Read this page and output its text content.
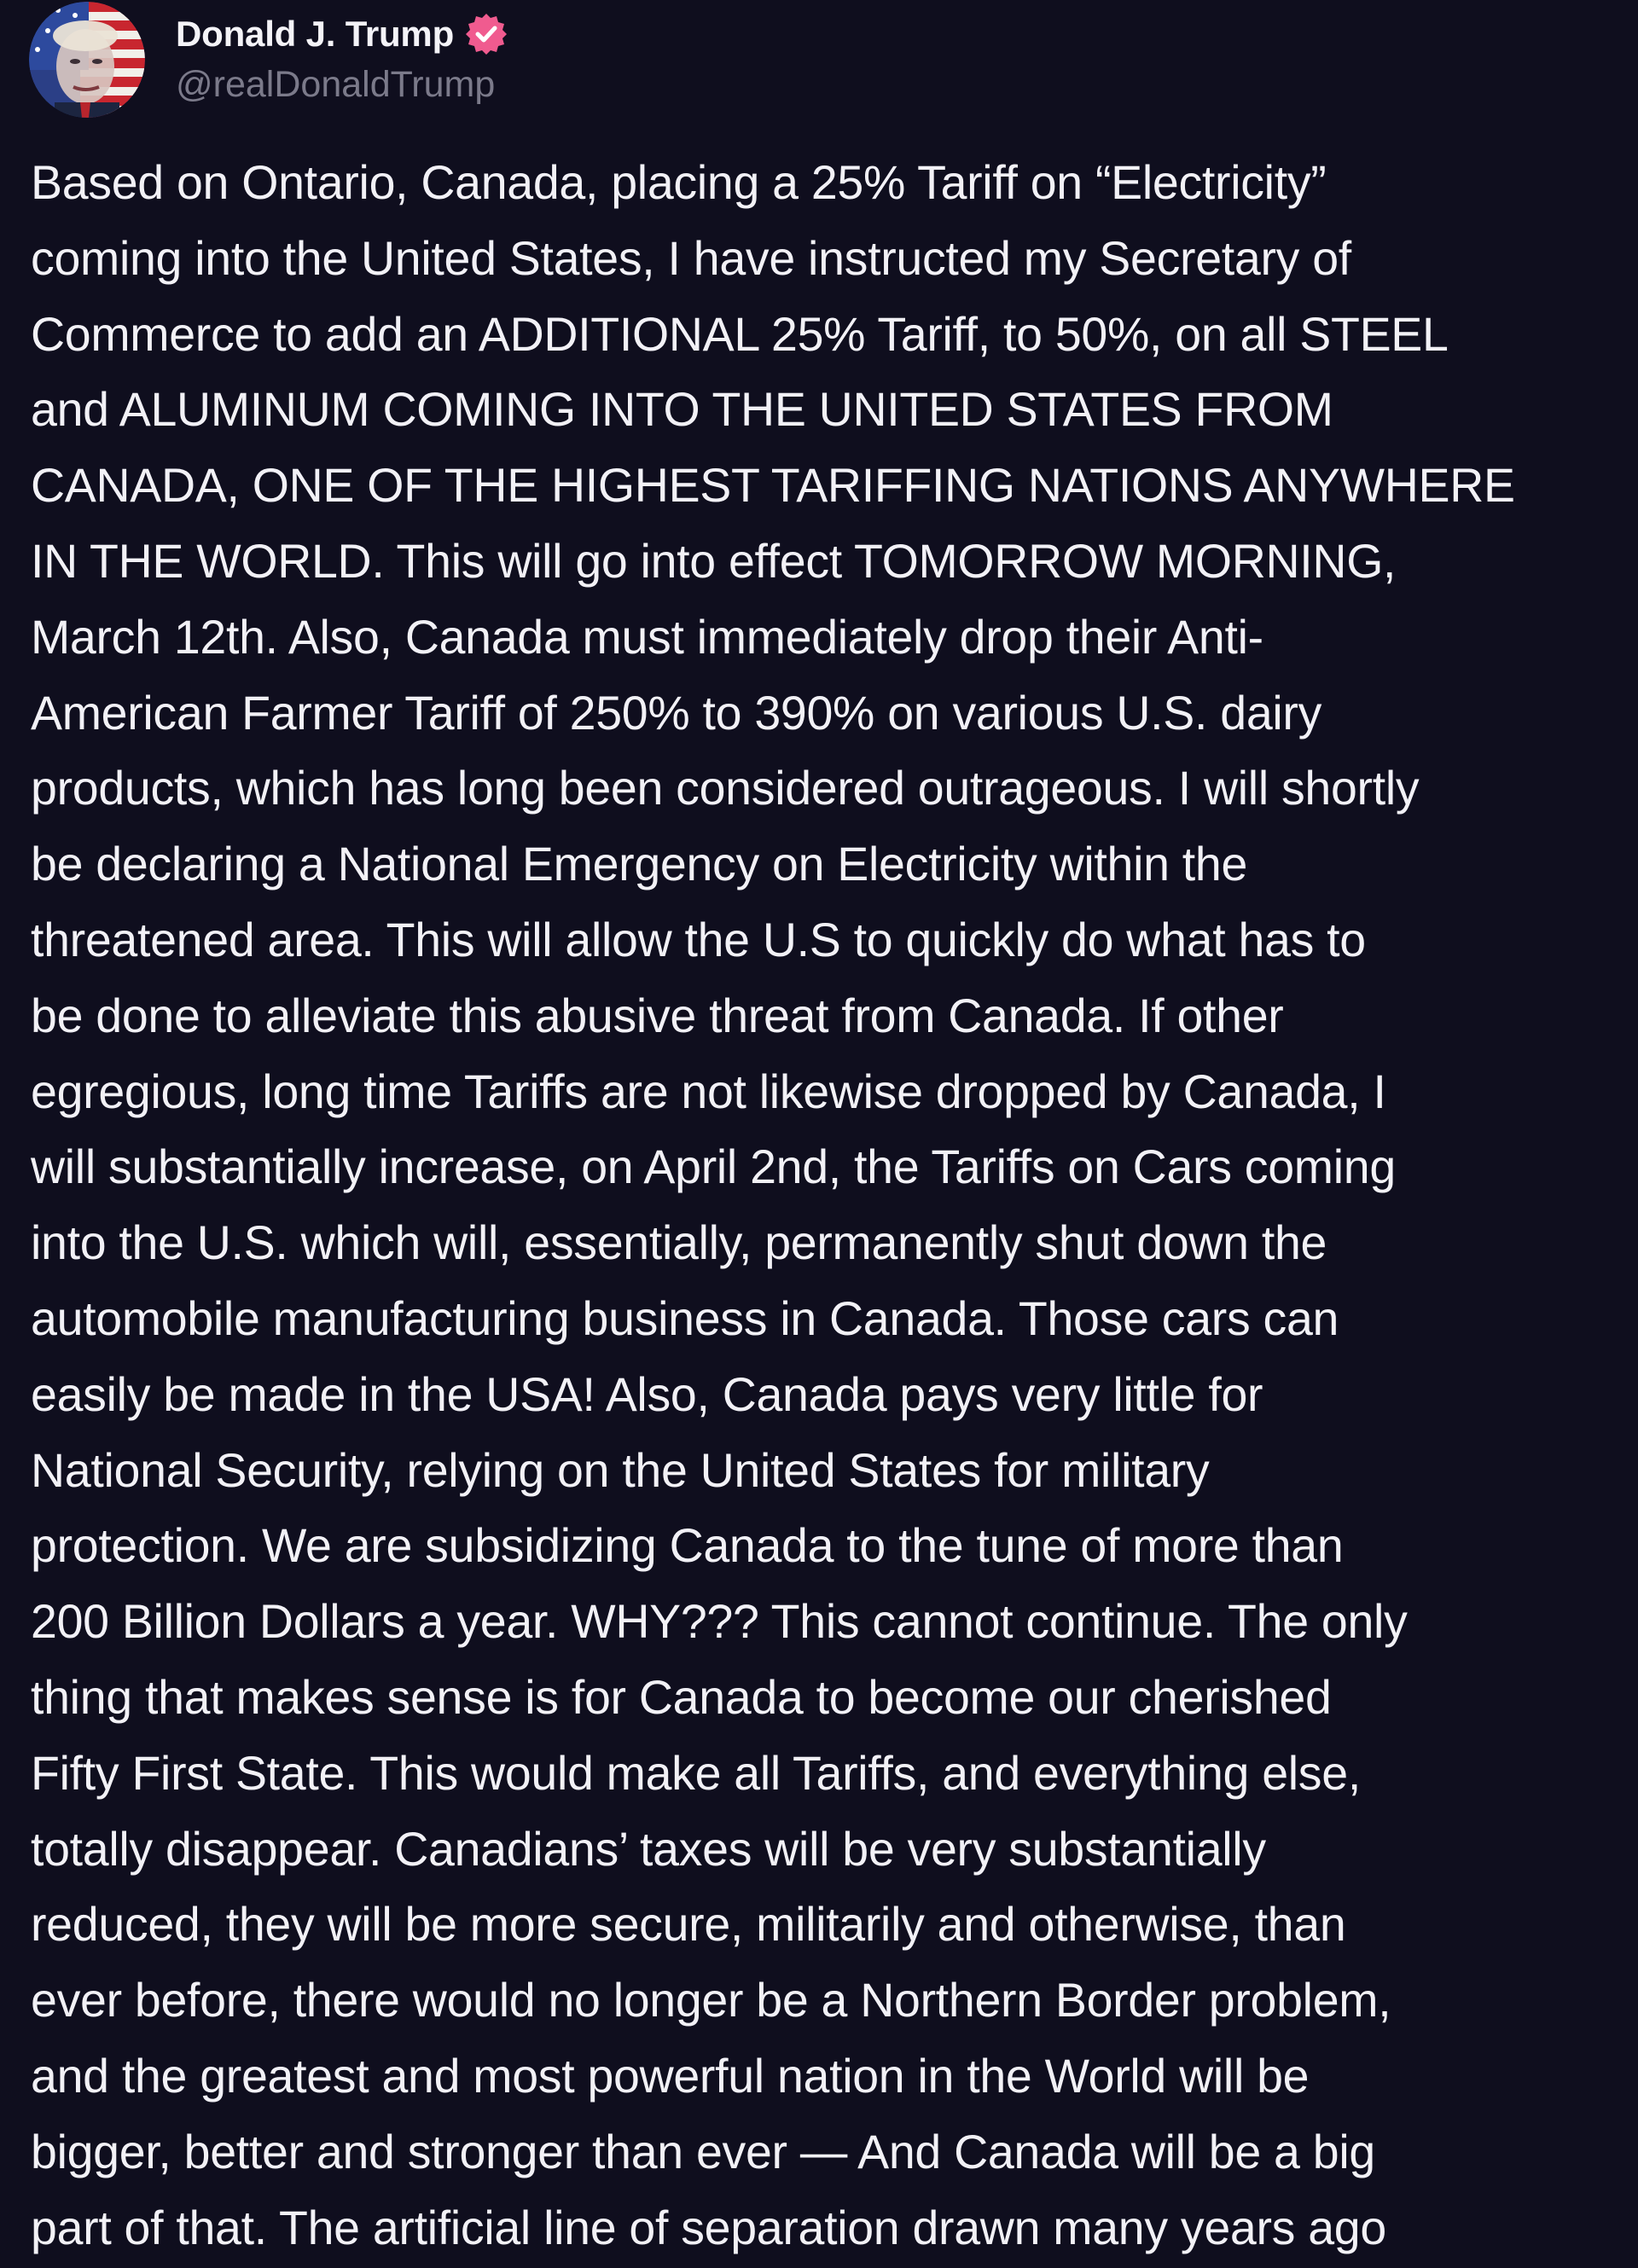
Donald J. Trump
@realDonaldTrump

Based on Ontario, Canada, placing a 25% Tariff on “Electricity”
coming into the United States, I have instructed my Secretary of
Commerce to add an ADDITIONAL 25% Tariff, to 50%, on all STEEL
and ALUMINUM COMING INTO THE UNITED STATES FROM
CANADA, ONE OF THE HIGHEST TARIFFING NATIONS ANYWHERE
IN THE WORLD. This will go into effect TOMORROW MORNING,
March 12th. Also, Canada must immediately drop their Anti-
American Farmer Tariff of 250% to 390% on various U.S. dairy
products, which has long been considered outrageous. I will shortly
be declaring a National Emergency on Electricity within the
threatened area. This will allow the U.S to quickly do what has to
be done to alleviate this abusive threat from Canada. If other
egregious, long time Tariffs are not likewise dropped by Canada, I
will substantially increase, on April 2nd, the Tariffs on Cars coming
into the U.S. which will, essentially, permanently shut down the
automobile manufacturing business in Canada. Those cars can
easily be made in the USA! Also, Canada pays very little for
National Security, relying on the United States for military
protection. We are subsidizing Canada to the tune of more than
200 Billion Dollars a year. WHY??? This cannot continue. The only
thing that makes sense is for Canada to become our cherished
Fifty First State. This would make all Tariffs, and everything else,
totally disappear. Canadians’ taxes will be very substantially
reduced, they will be more secure, militarily and otherwise, than
ever before, there would no longer be a Northern Border problem,
and the greatest and most powerful nation in the World will be
bigger, better and stronger than ever — And Canada will be a big
part of that. The artificial line of separation drawn many years ago
